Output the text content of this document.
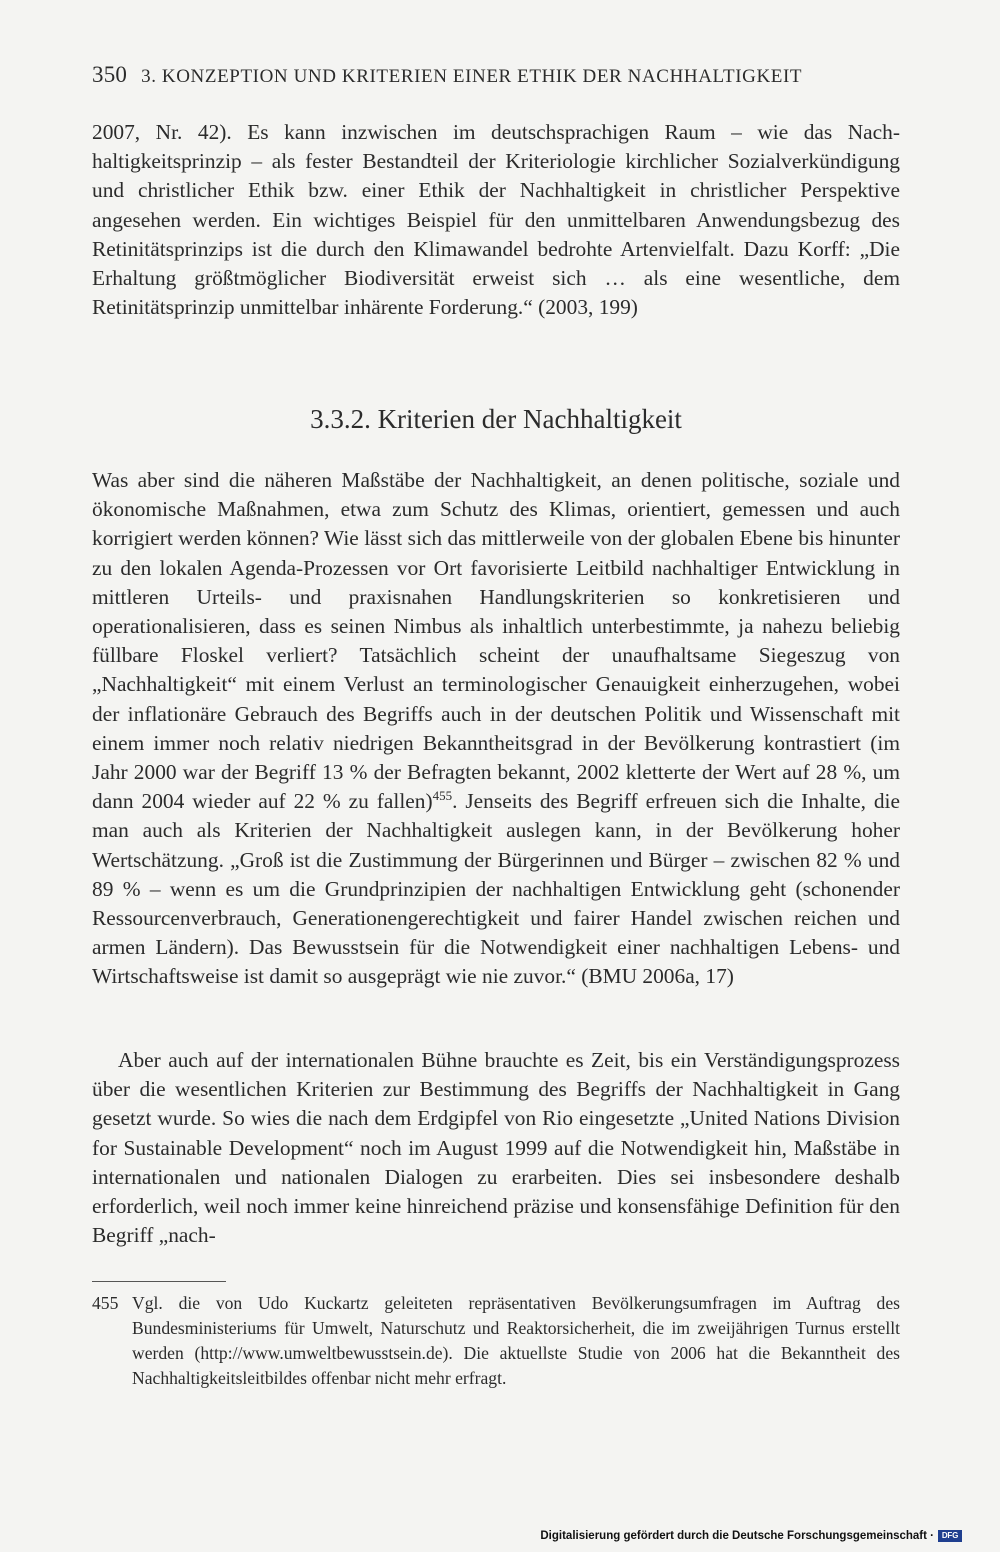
350 3. KONZEPTION UND KRITERIEN EINER ETHIK DER NACHHALTIGKEIT

2007, Nr. 42). Es kann inzwischen im deutschsprachigen Raum – wie das Nachhaltigkeitsprinzip – als fester Bestandteil der Kriteriologie kirchlicher Sozialverkündigung und christlicher Ethik bzw. einer Ethik der Nachhaltigkeit in christlicher Perspektive angesehen werden. Ein wichtiges Beispiel für den unmittelbaren Anwendungsbezug des Retinitätsprinzips ist die durch den Klimawandel bedrohte Artenvielfalt. Dazu Korff: „Die Erhaltung größtmöglicher Biodiversität erweist sich … als eine wesentliche, dem Retinitätsprinzip unmittelbar inhärente Forderung.“ (2003, 199)

3.3.2. Kriterien der Nachhaltigkeit

Was aber sind die näheren Maßstäbe der Nachhaltigkeit, an denen politische, soziale und ökonomische Maßnahmen, etwa zum Schutz des Klimas, orientiert, gemessen und auch korrigiert werden können? Wie lässt sich das mittlerweile von der globalen Ebene bis hinunter zu den lokalen Agenda-Prozessen vor Ort favorisierte Leitbild nachhaltiger Entwicklung in mittleren Urteils- und praxisnahen Handlungskriterien so konkretisieren und operationalisieren, dass es seinen Nimbus als inhaltlich unterbestimmte, ja nahezu beliebig füllbare Floskel verliert? Tatsächlich scheint der unaufhaltsame Siegeszug von „Nachhaltigkeit“ mit einem Verlust an terminologischer Genauigkeit einherzugehen, wobei der inflationäre Gebrauch des Begriffs auch in der deutschen Politik und Wissenschaft mit einem immer noch relativ niedrigen Bekanntheitsgrad in der Bevölkerung kontrastiert (im Jahr 2000 war der Begriff 13 % der Befragten bekannt, 2002 kletterte der Wert auf 28 %, um dann 2004 wieder auf 22 % zu fallen)$^{455}$. Jenseits des Begriff erfreuen sich die Inhalte, die man auch als Kriterien der Nachhaltigkeit auslegen kann, in der Bevölkerung hoher Wertschätzung. „Groß ist die Zustimmung der Bürgerinnen und Bürger – zwischen 82 % und 89 % – wenn es um die Grundprinzipien der nachhaltigen Entwicklung geht (schonender Ressourcenverbrauch, Generationengerechtigkeit und fairer Handel zwischen reichen und armen Ländern). Das Bewusstsein für die Notwendigkeit einer nachhaltigen Lebens- und Wirtschaftsweise ist damit so ausgeprägt wie nie zuvor.“ (BMU 2006a, 17)

Aber auch auf der internationalen Bühne brauchte es Zeit, bis ein Verständigungsprozess über die wesentlichen Kriterien zur Bestimmung des Begriffs der Nachhaltigkeit in Gang gesetzt wurde. So wies die nach dem Erdgipfel von Rio eingesetzte „United Nations Division for Sustainable Development“ noch im August 1999 auf die Notwendigkeit hin, Maßstäbe in internationalen und nationalen Dialogen zu erarbeiten. Dies sei insbesondere deshalb erforderlich, weil noch immer keine hinreichend präzise und konsensfähige Definition für den Begriff „nach-

455 Vgl. die von Udo Kuckartz geleiteten repräsentativen Bevölkerungsumfragen im Auftrag des Bundesministeriums für Umwelt, Naturschutz und Reaktorsicherheit, die im zweijährigen Turnus erstellt werden (http://www.umweltbewusstsein.de). Die aktuellste Studie von 2006 hat die Bekanntheit des Nachhaltigkeitsleitbildes offenbar nicht mehr erfragt.
Digitalisierung gefördert durch die Deutsche Forschungsgemeinschaft · DFG
